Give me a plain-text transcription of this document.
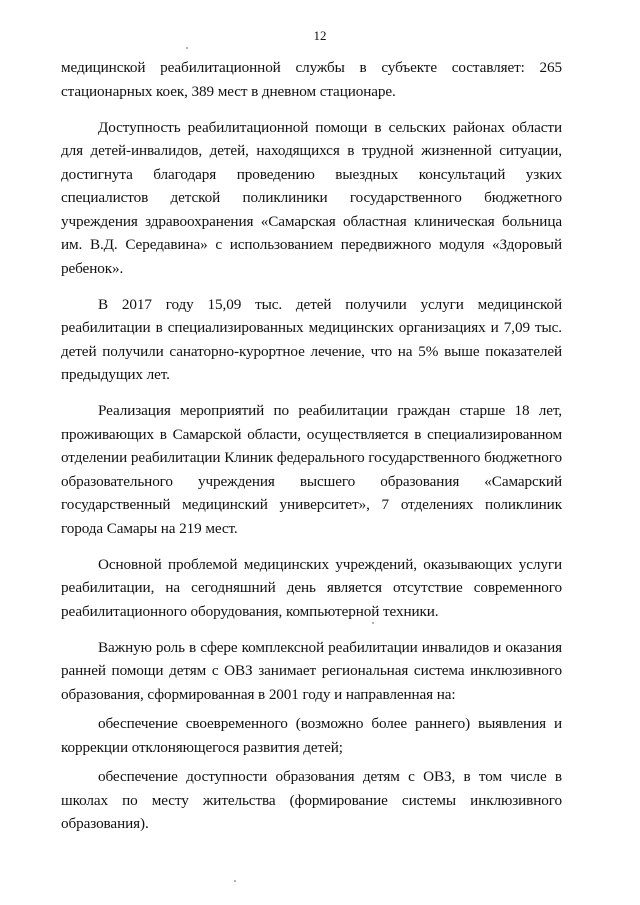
12

медицинской реабилитационной службы в субъекте составляет: 265 стационарных коек, 389 мест в дневном стационаре.

Доступность реабилитационной помощи в сельских районах области для детей-инвалидов, детей, находящихся в трудной жизненной ситуации, достигнута благодаря проведению выездных консультаций узких специалистов детской поликлиники государственного бюджетного учреждения здравоохранения «Самарская областная клиническая больница им. В.Д. Середавина» с использованием передвижного модуля «Здоровый ребенок».

В 2017 году 15,09 тыс. детей получили услуги медицинской реабилитации в специализированных медицинских организациях и 7,09 тыс. детей получили санаторно-курортное лечение, что на 5% выше показателей предыдущих лет.

Реализация мероприятий по реабилитации граждан старше 18 лет, проживающих в Самарской области, осуществляется в специализированном отделении реабилитации Клиник федерального государственного бюджетного образовательного учреждения высшего образования «Самарский государственный медицинский университет», 7 отделениях поликлиник города Самары на 219 мест.

Основной проблемой медицинских учреждений, оказывающих услуги реабилитации, на сегодняшний день является отсутствие современного реабилитационного оборудования, компьютерной техники.

Важную роль в сфере комплексной реабилитации инвалидов и оказания ранней помощи детям с ОВЗ занимает региональная система инклюзивного образования, сформированная в 2001 году и направленная на:

обеспечение своевременного (возможно более раннего) выявления и коррекции отклоняющегося развития детей;

обеспечение доступности образования детям с ОВЗ, в том числе в школах по месту жительства (формирование системы инклюзивного образования).
